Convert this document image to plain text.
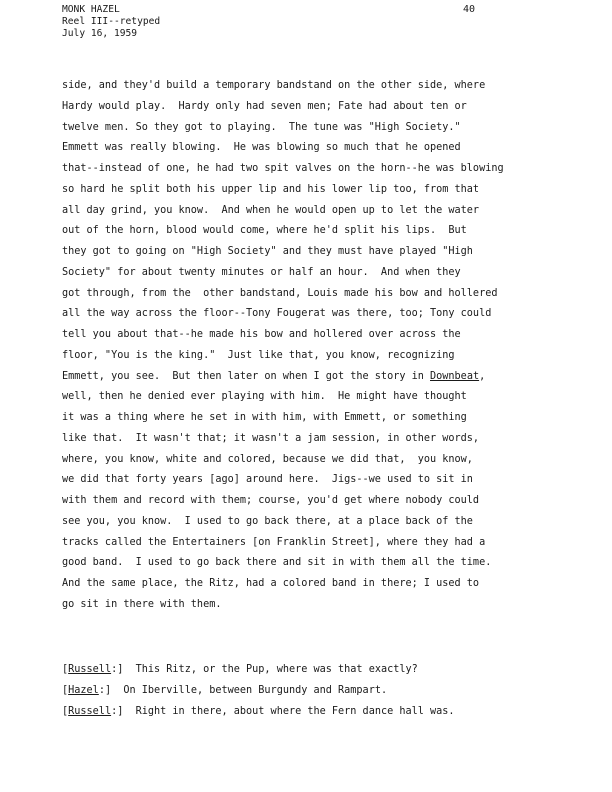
MONK HAZEL
Reel III--retyped
July 16, 1959
40
side, and they'd build a temporary bandstand on the other side, where
Hardy would play.  Hardy only had seven men; Fate had about ten or
twelve men. So they got to playing.  The tune was "High Society."
Emmett was really blowing.  He was blowing so much that he opened
that--instead of one, he had two spit valves on the horn--he was blowing
so hard he split both his upper lip and his lower lip too, from that
all day grind, you know.  And when he would open up to let the water
out of the horn, blood would come, where he'd split his lips.  But
they got to going on "High Society" and they must have played "High
Society" for about twenty minutes or half an hour.  And when they
got through, from the  other bandstand, Louis made his bow and hollered
all the way across the floor--Tony Fougerat was there, too; Tony could
tell you about that--he made his bow and hollered over across the
floor, "You is the king."  Just like that, you know, recognizing
Emmett, you see.  But then later on when I got the story in Downbeat,
well, then he denied ever playing with him.  He might have thought
it was a thing where he set in with him, with Emmett, or something
like that.  It wasn't that; it wasn't a jam session, in other words,
where, you know, white and colored, because we did that,  you know,
we did that forty years [ago] around here.  Jigs--we used to sit in
with them and record with them; course, you'd get where nobody could
see you, you know.  I used to go back there, at a place back of the
tracks called the Entertainers [on Franklin Street], where they had a
good band.  I used to go back there and sit in with them all the time.
And the same place, the Ritz, had a colored band in there; I used to
go sit in there with them.
[Russell:]  This Ritz, or the Pup, where was that exactly?
[Hazel:]  On Iberville, between Burgundy and Rampart.
[Russell:]  Right in there, about where the Fern dance hall was.
